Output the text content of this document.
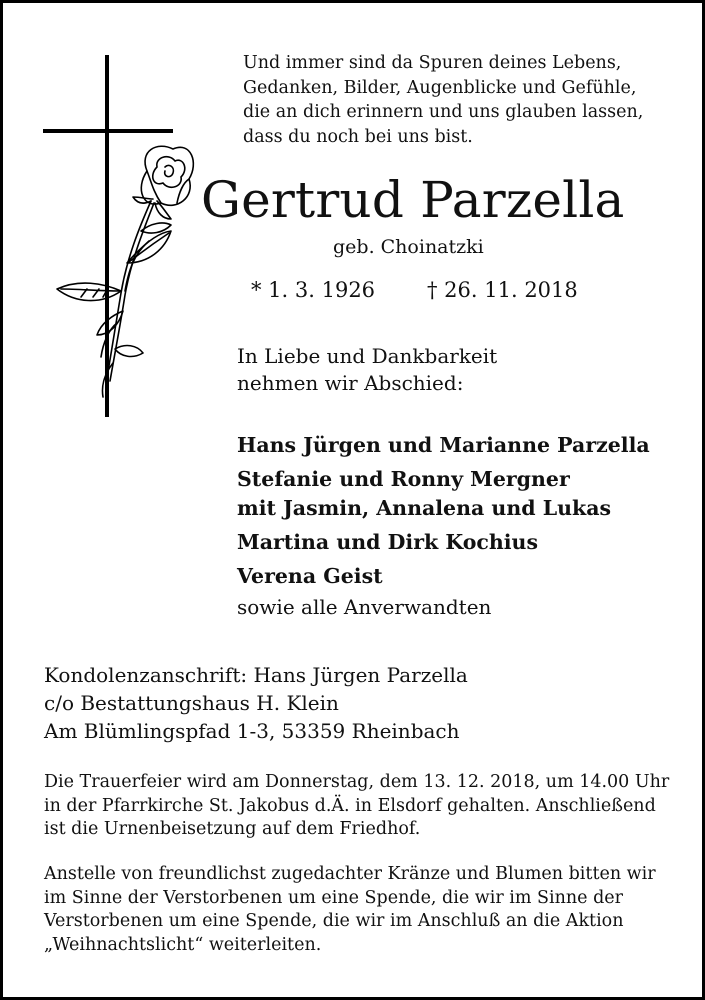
Und immer sind da Spuren deines Lebens,
Gedanken, Bilder, Augenblicke und Gefühle,
die an dich erinnern und uns glauben lassen,
dass du noch bei uns bist.
Gertrud Parzella
geb. Choinatzki
* 1. 3. 1926 † 26. 11. 2018
In Liebe und Dankbarkeit
nehmen wir Abschied:
Hans Jürgen und Marianne Parzella
Stefanie und Ronny Mergner
mit Jasmin, Annalena und Lukas
Martina und Dirk Kochius
Verena Geist
sowie alle Anverwandten
Kondolenzanschrift: Hans Jürgen Parzella
c/o Bestattungshaus H. Klein
Am Blümlingspfad 1-3, 53359 Rheinbach
Die Trauerfeier wird am Donnerstag, dem 13. 12. 2018, um 14.00 Uhr
in der Pfarrkirche St. Jakobus d.Ä. in Elsdorf gehalten. Anschließend
ist die Urnenbeisetzung auf dem Friedhof.
Anstelle von freundlichst zugedachter Kränze und Blumen bitten wir
im Sinne der Verstorbenen um eine Spende, die wir im Sinne der
Verstorbenen um eine Spende, die wir im Anschluß an die Aktion
„Weihnachtslicht“ weiterleiten.
